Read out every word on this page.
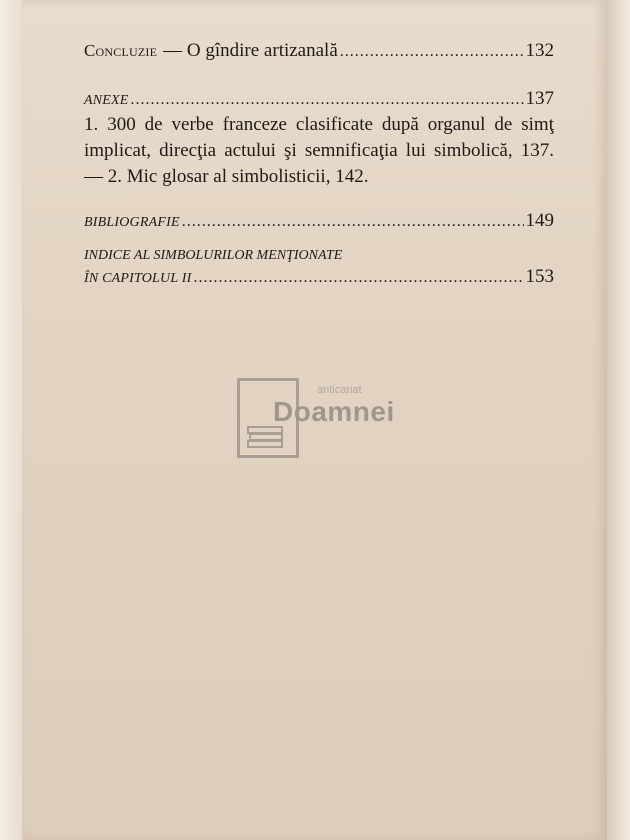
Concluzie — O gîndire artizanală .....	132
ANEXE .....	137
1. 300 de verbe franceze clasificate după organul de simţ implicat, direcţia actului şi semnificaţia lui simbolică, 137. — 2. Mic glosar al simbolisticii, 142.
BIBLIOGRAFIE .....	149
INDICE AL SIMBOLURILOR MENŢIONATE
ÎN CAPITOLUL II .....	153
anticariat
Doamnei
